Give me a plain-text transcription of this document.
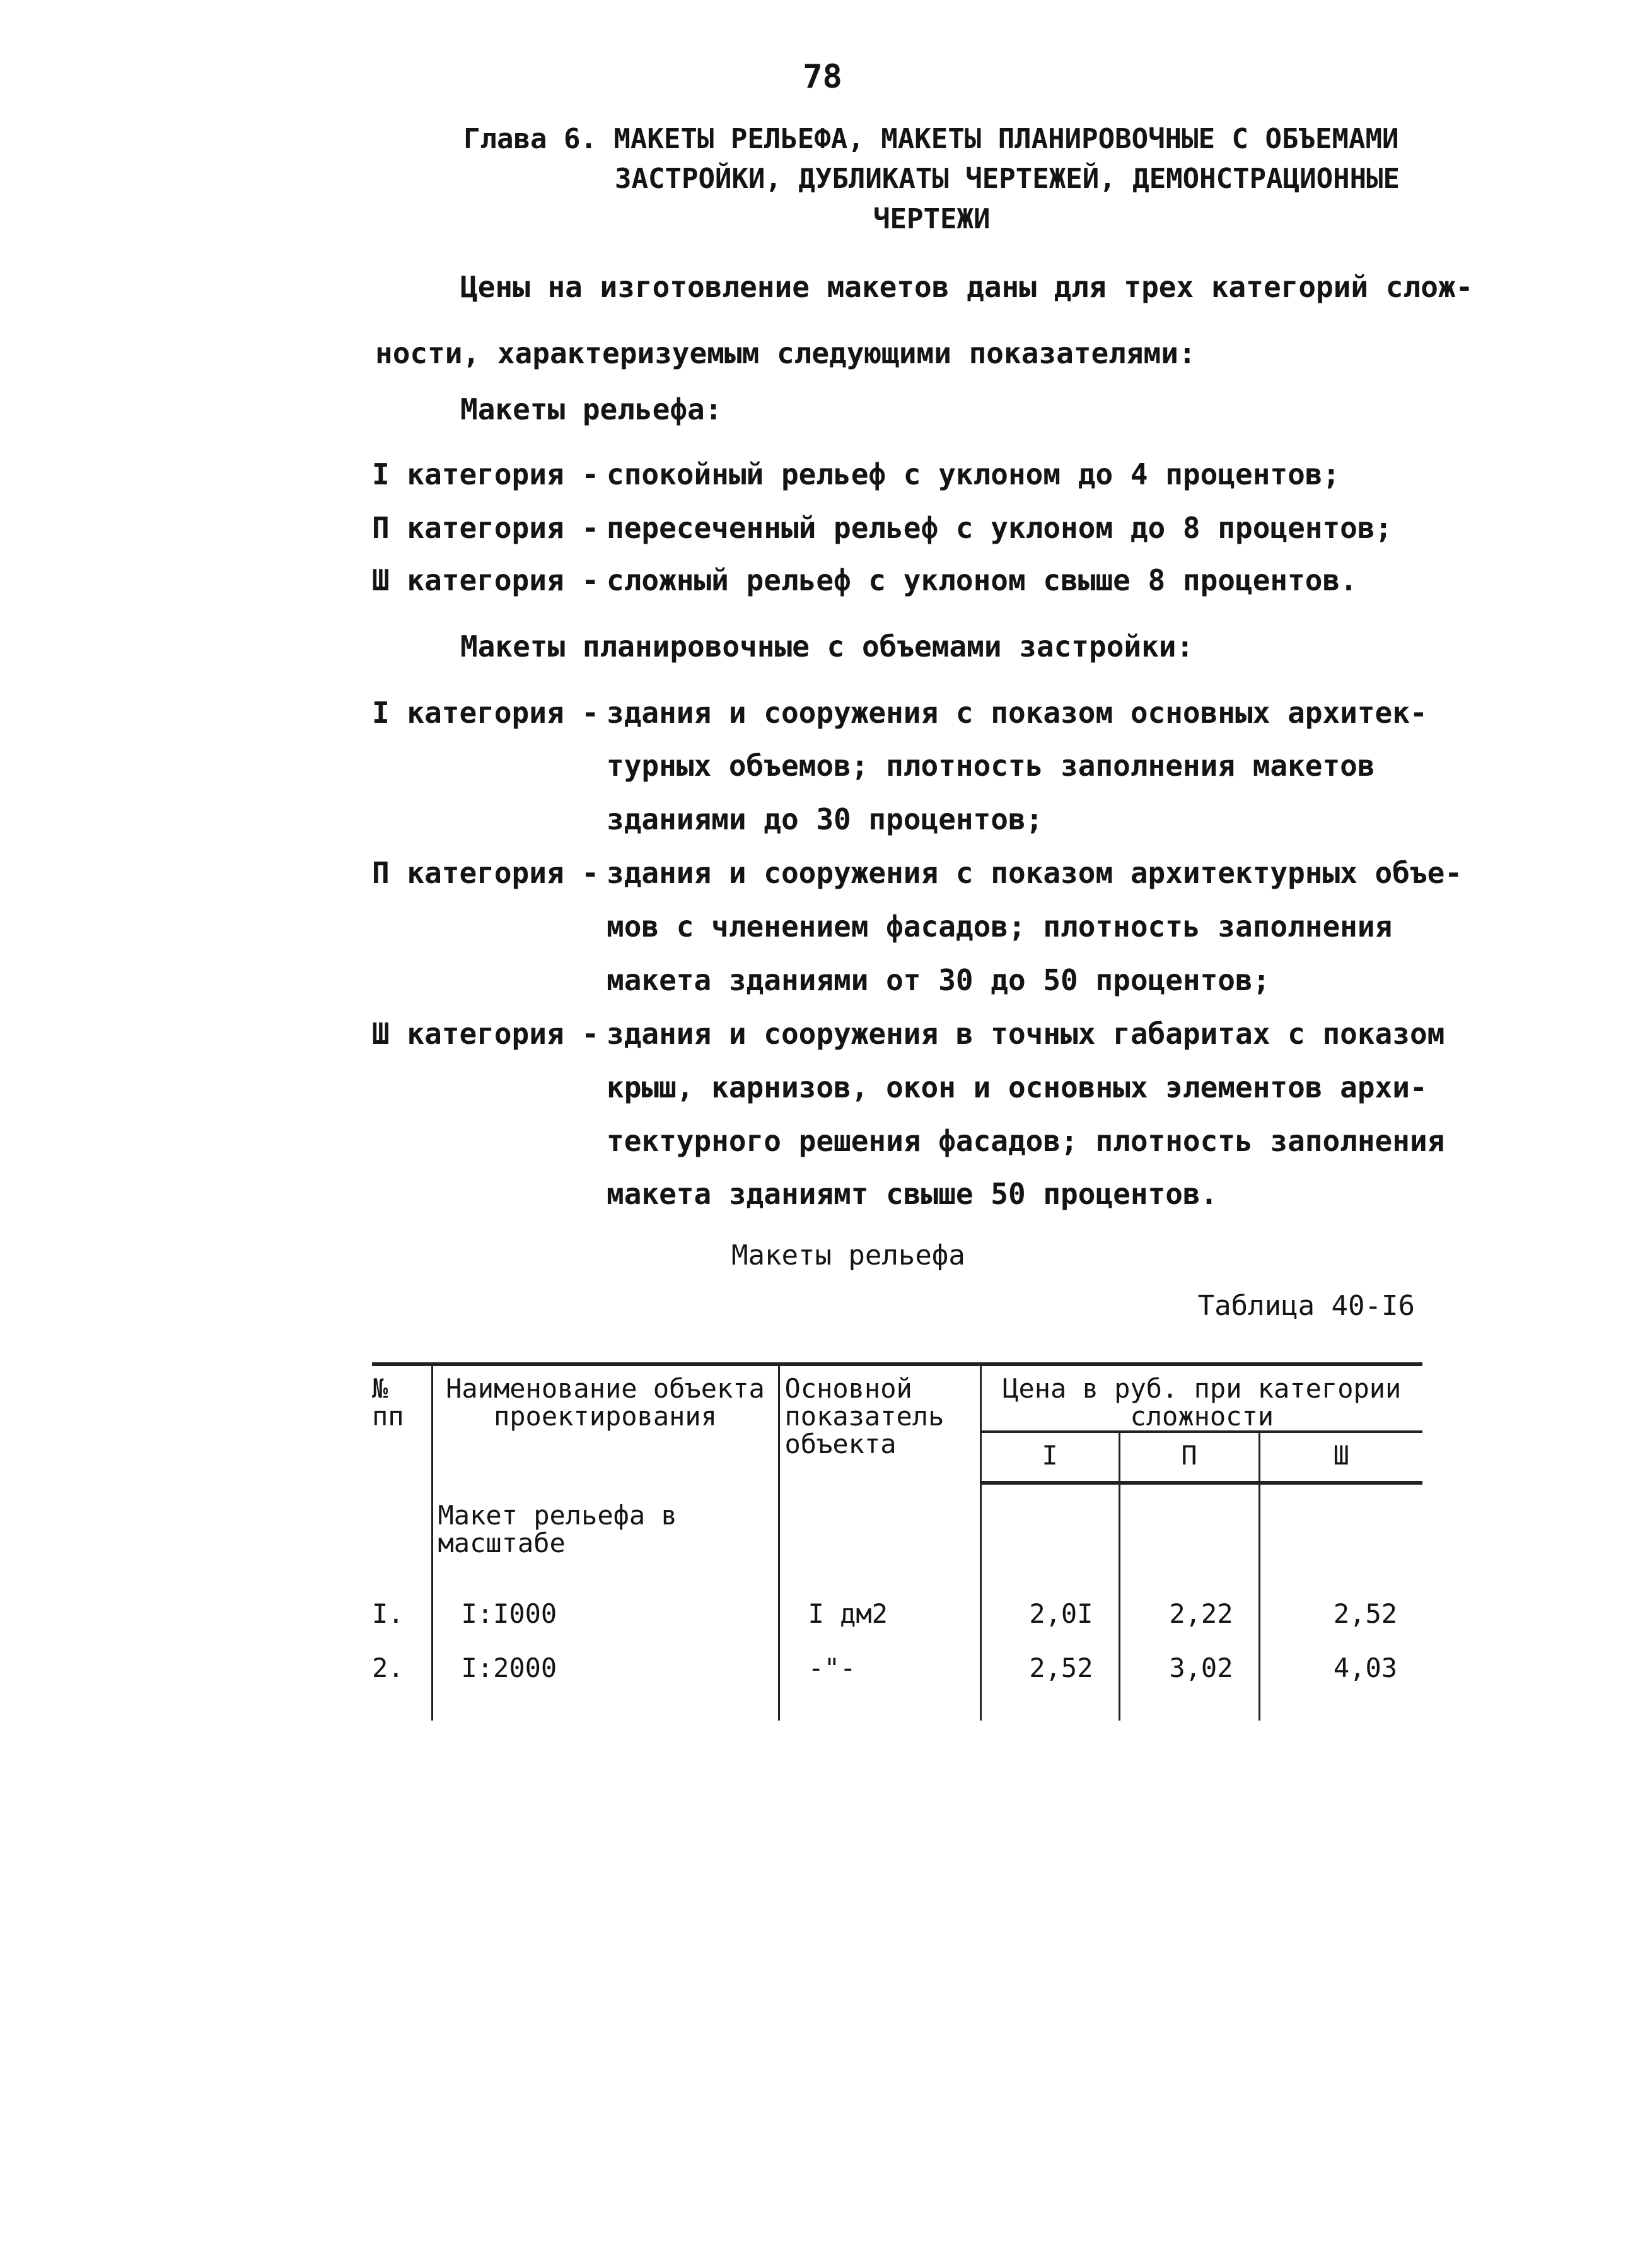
78
Глава 6. МАКЕТЫ РЕЛЬЕФА, МАКЕТЫ ПЛАНИРОВОЧНЫЕ С ОБЪЕМАМИ
ЗАСТРОЙКИ, ДУБЛИКАТЫ ЧЕРТЕЖЕЙ, ДЕМОНСТРАЦИОННЫЕ
ЧЕРТЕЖИ
Цены на изготовление макетов даны для трех категорий слож-
ности, характеризуемым следующими показателями:
Макеты рельефа:
I категория - спокойный рельеф с уклоном до 4 процентов;
П категория - пересеченный рельеф с уклоном до 8 процентов;
Ш категория - сложный рельеф с уклоном свыше 8 процентов.
Макеты планировочные с объемами застройки:
I категория - здания и сооружения с показом основных архитек-
турных объемов; плотность заполнения макетов
зданиями до 30 процентов;
П категория - здания и сооружения с показом архитектурных объе-
мов с членением фасадов; плотность заполнения
макета зданиями от 30 до 50 процентов;
Ш категория - здания и сооружения в точных габаритах с показом
крыш, карнизов, окон и основных элементов архи-
тектурного решения фасадов; плотность заполнения
макета зданиямт свыше 50 процентов.
Макеты рельефа
Таблица 40-I6
№ пп	Наименование объекта проектирования	Основной показатель объекта	Цена в руб. при категории сложности		
			I	П	Ш
	Макет рельефа в масштабе				
I.	I:I000	I дм2	2,0I	2,22	2,52
2.	I:2000	-"-	2,52	3,02	4,03
